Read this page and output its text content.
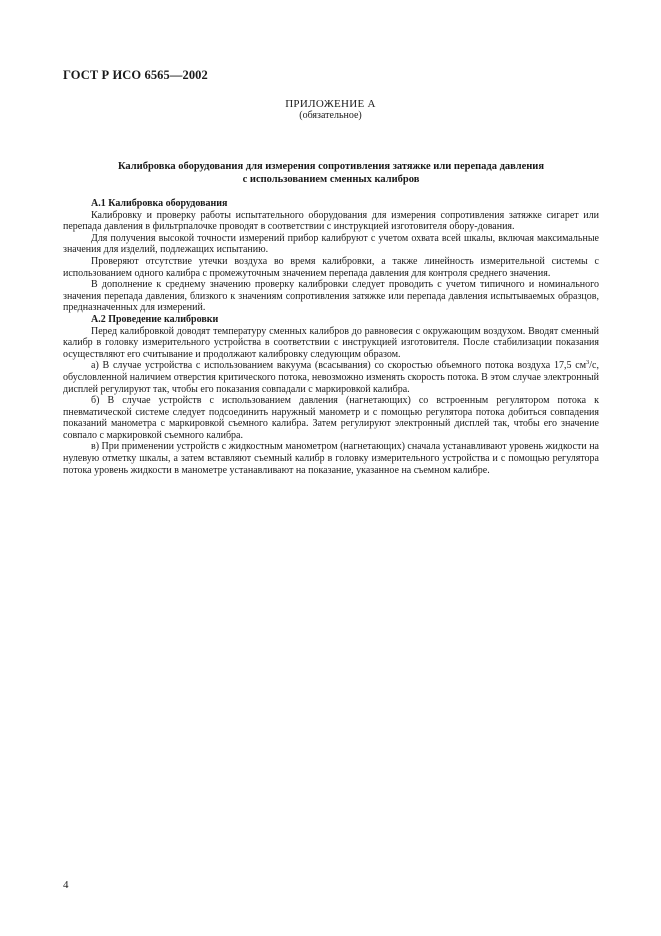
ГОСТ Р ИСО 6565—2002
ПРИЛОЖЕНИЕ А
(обязательное)
Калибровка оборудования для измерения сопротивления затяжке или перепада давления
с использованием сменных калибров
А.1 Калибровка оборудования

Калибровку и проверку работы испытательного оборудования для измерения сопротивления затяжке сигарет или перепада давления в фильтрпалочке проводят в соответствии с инструкцией изготовителя обору-дования.

Для получения высокой точности измерений прибор калибруют с учетом охвата всей шкалы, включая максимальные значения для изделий, подлежащих испытанию.

Проверяют отсутствие утечки воздуха во время калибровки, а также линейность измерительной системы с использованием одного калибра с промежуточным значением перепада давления для контроля среднего значения.

В дополнение к среднему значению проверку калибровки следует проводить с учетом типичного и номинального значения перепада давления, близкого к значениям сопротивления затяжке или перепада давления испытываемых образцов, предназначенных для измерений.

А.2 Проведение калибровки

Перед калибровкой доводят температуру сменных калибров до равновесия с окружающим воздухом. Вводят сменный калибр в головку измерительного устройства в соответствии с инструкцией изготовителя. После стабилизации показания осуществляют его считывание и продолжают калибровку следующим образом.

а) В случае устройства с использованием вакуума (всасывания) со скоростью объемного потока воздуха 17,5 $см^3/с$, обусловленной наличием отверстия критического потока, невозможно изменять скорость потока. В этом случае электронный дисплей регулируют так, чтобы его показания совпадали с маркировкой калибра.

б) В случае устройств с использованием давления (нагнетающих) со встроенным регулятором потока к пневматической системе следует подсоединить наружный манометр и с помощью регулятора потока добиться совпадения показаний манометра с маркировкой съемного калибра. Затем регулируют электронный дисплей так, чтобы его значение совпало с маркировкой съемного калибра.

в) При применении устройств с жидкостным манометром (нагнетающих) сначала устанавливают уровень жидкости на нулевую отметку шкалы, а затем вставляют съемный калибр в головку измерительного устройства и с помощью регулятора потока уровень жидкости в манометре устанавливают на показание, указанное на съемном калибре.

4
